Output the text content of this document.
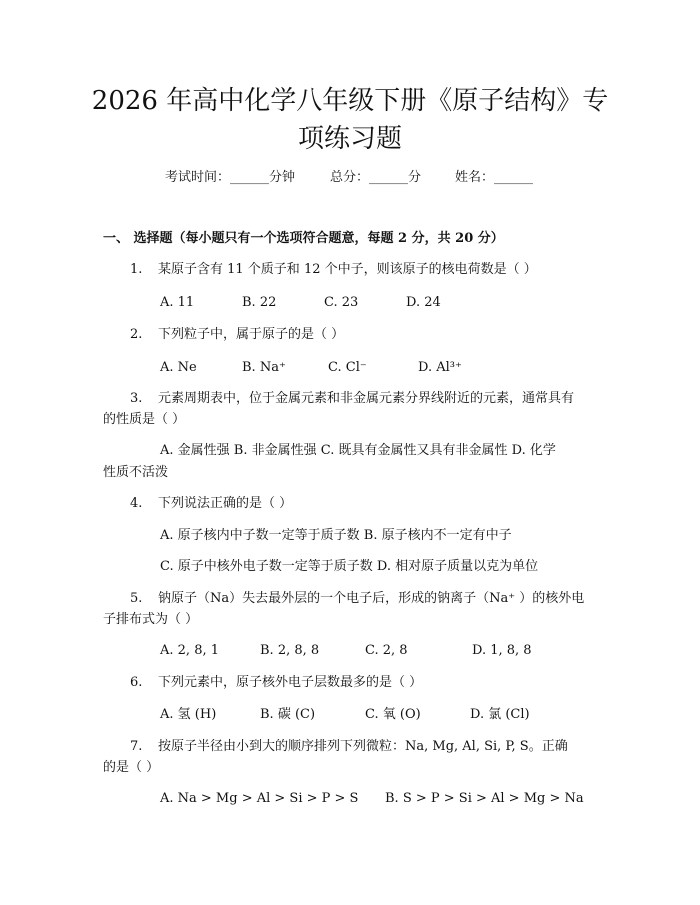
2026 年高中化学八年级下册《原子结构》专
项练习题
考试时间：______分钟	总分：______分	姓名：______
一、 选择题（每小题只有一个选项符合题意，每题 2 分，共 20 分）
1. 某原子含有 11 个质子和 12 个中子，则该原子的核电荷数是（ ）
A. 11	B. 22	C. 23	D. 24
2. 下列粒子中，属于原子的是（ ）
A. Ne	B. Na⁺	C. Cl⁻	D. Al³⁺
3. 元素周期表中，位于金属元素和非金属元素分界线附近的元素，通常具有
的性质是（ ）
A. 金属性强 B. 非金属性强 C. 既具有金属性又具有非金属性 D. 化学
性质不活泼
4. 下列说法正确的是（ ）
A. 原子核内中子数一定等于质子数 B. 原子核内不一定有中子
C. 原子中核外电子数一定等于质子数 D. 相对原子质量以克为单位
5. 钠原子（Na）失去最外层的一个电子后，形成的钠离子（Na⁺ ）的核外电
子排布式为（ ）
A. 2, 8, 1	B. 2, 8, 8	C. 2, 8	D. 1, 8, 8
6. 下列元素中，原子核外电子层数最多的是（ ）
A. 氢 (H)	B. 碳 (C)	C. 氧 (O)	D. 氯 (Cl)
7. 按原子半径由小到大的顺序排列下列微粒：Na, Mg, Al, Si, P, S。正确
的是（ ）
A. Na > Mg > Al > Si > P > S B. S > P > Si > Al > Mg > Na
